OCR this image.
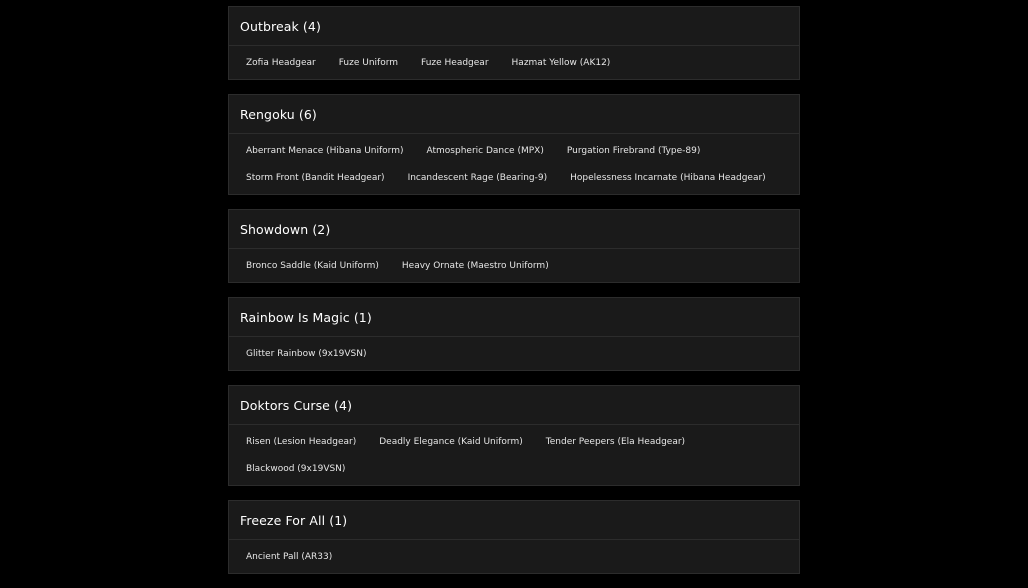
Outbreak (4)
Zofia Headgear	Fuze Uniform	Fuze Headgear	Hazmat Yellow (AK12)
Rengoku (6)
Aberrant Menace (Hibana Uniform)	Atmospheric Dance (MPX)	Purgation Firebrand (Type-89)
Storm Front (Bandit Headgear)	Incandescent Rage (Bearing-9)	Hopelessness Incarnate (Hibana Headgear)
Showdown (2)
Bronco Saddle (Kaid Uniform)	Heavy Ornate (Maestro Uniform)
Rainbow Is Magic (1)
Glitter Rainbow (9x19VSN)
Doktors Curse (4)
Risen (Lesion Headgear)	Deadly Elegance (Kaid Uniform)	Tender Peepers (Ela Headgear)
Blackwood (9x19VSN)
Freeze For All (1)
Ancient Pall (AR33)
